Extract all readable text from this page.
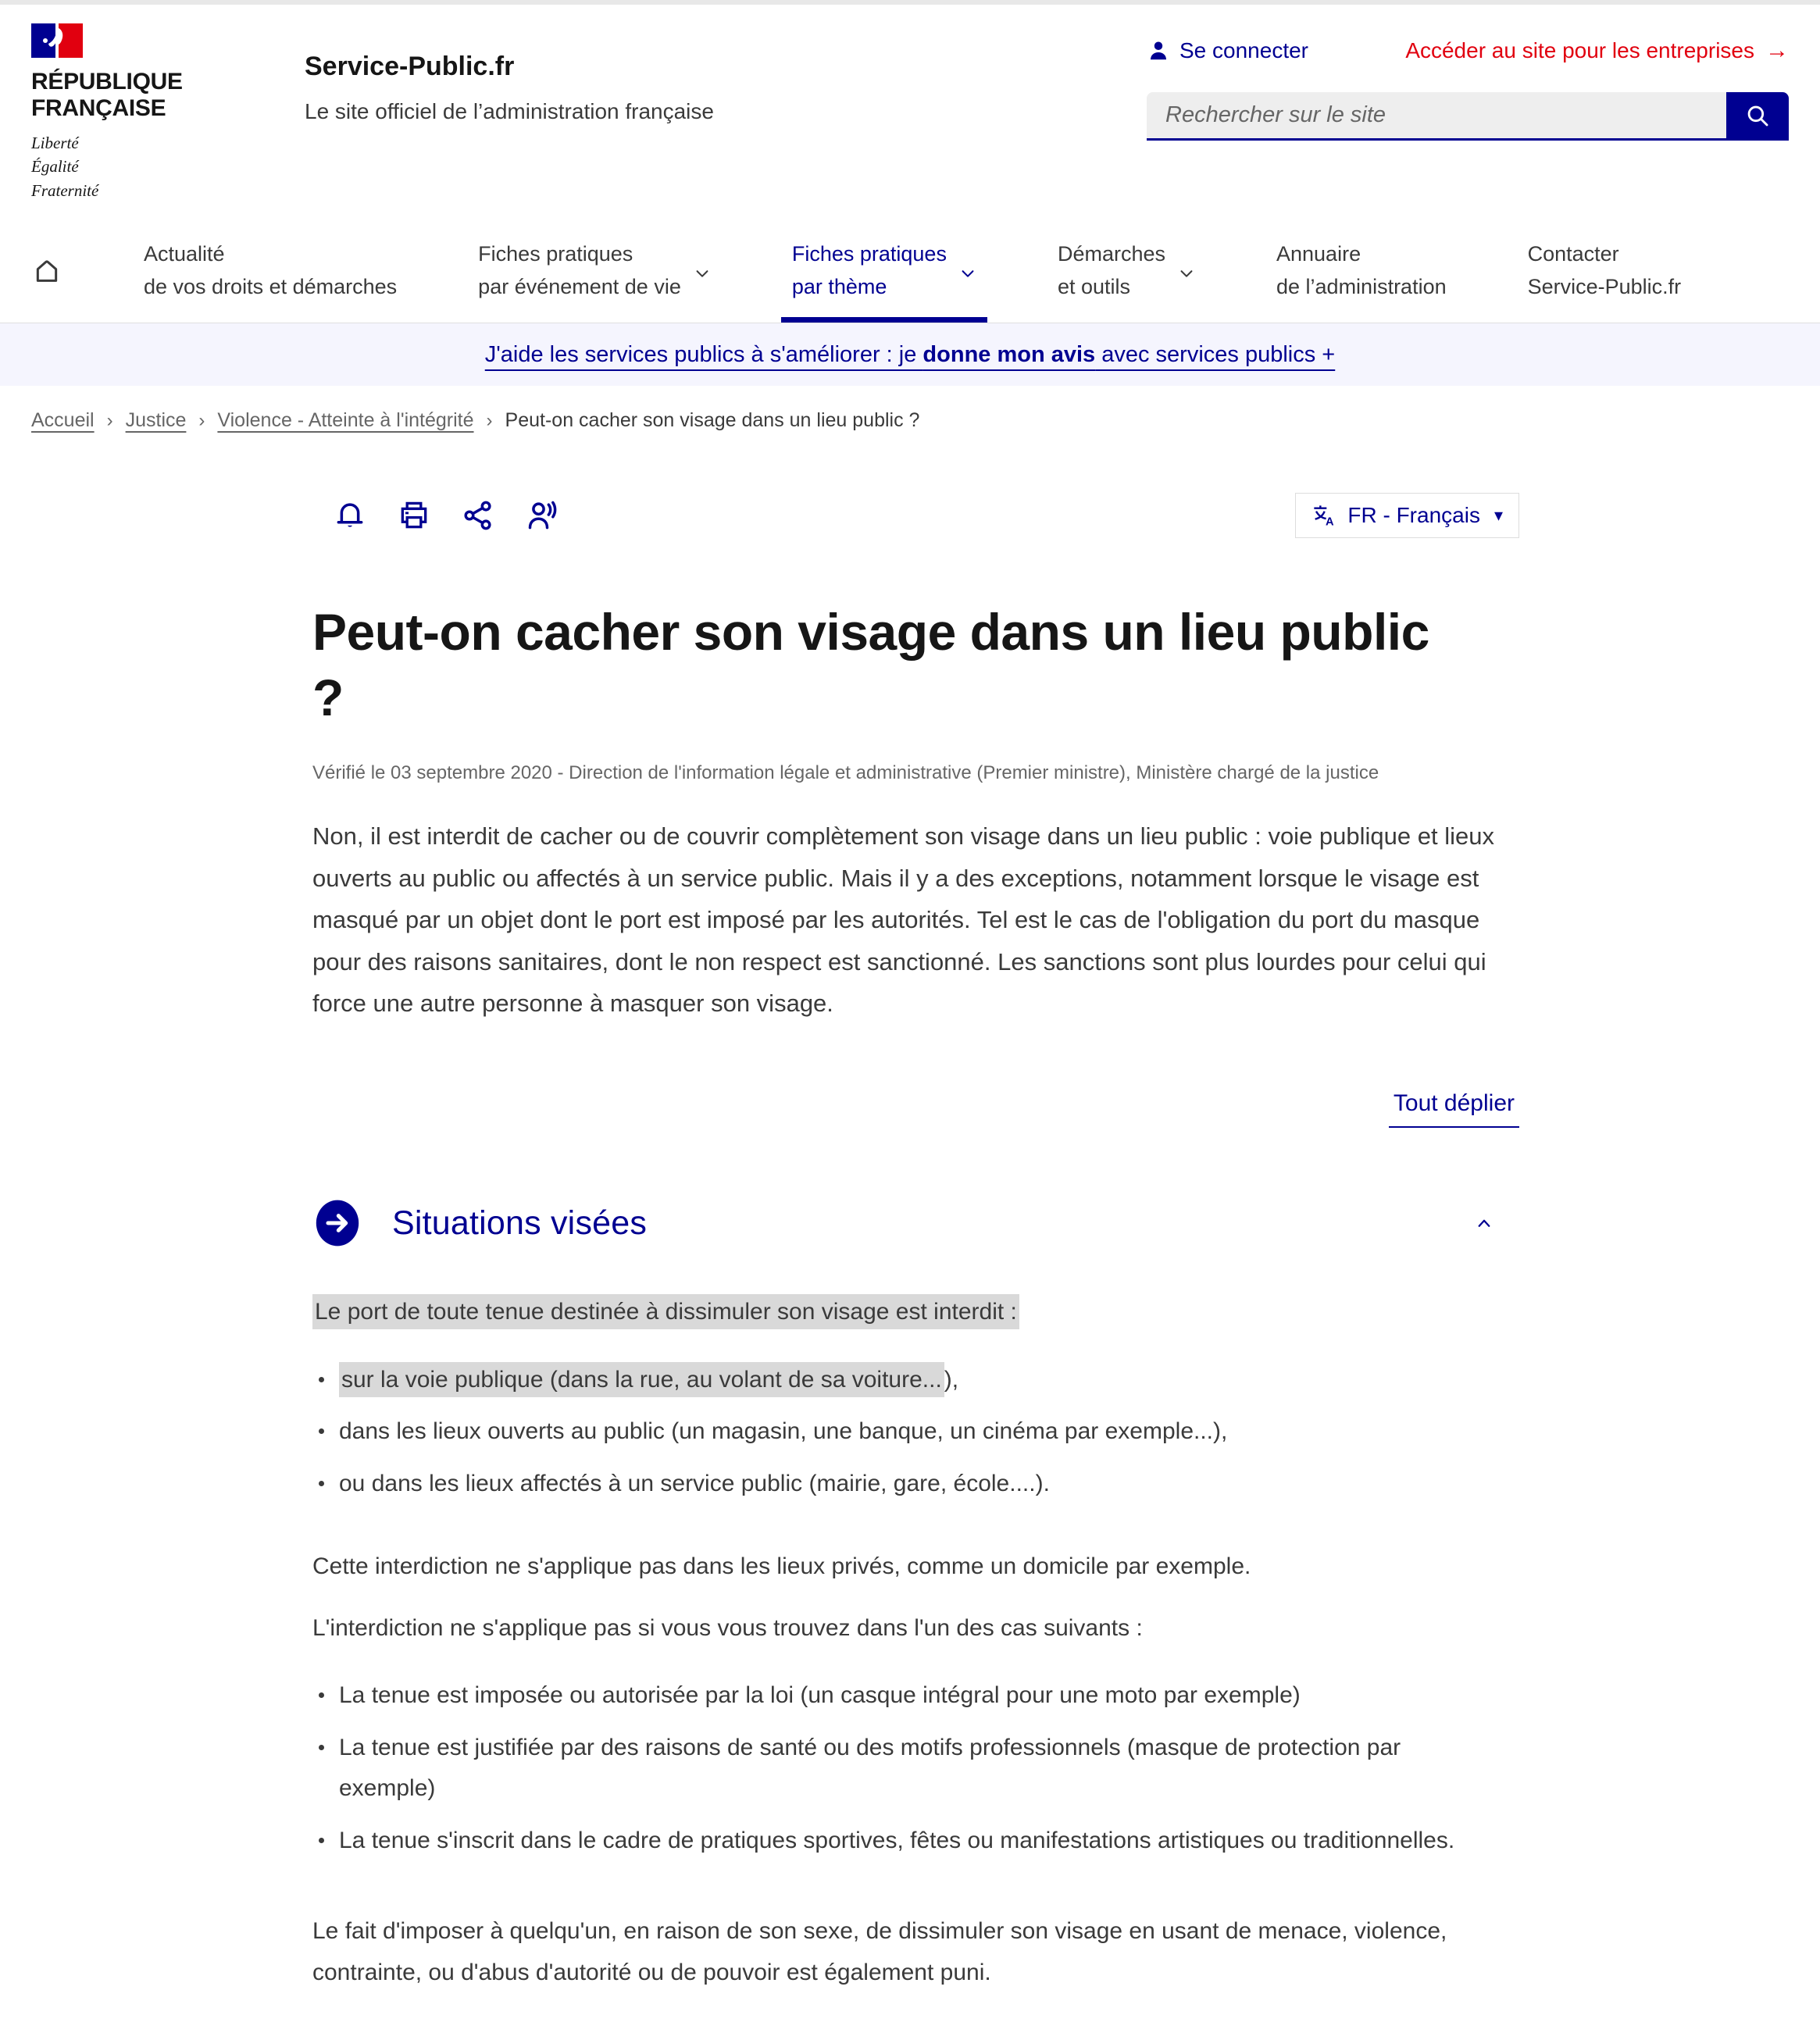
RÉPUBLIQUE
FRANÇAISE
Liberté
Égalité
Fraternité
Service-Public.fr
Le site officiel de l’administration française
Se connecter	Accéder au site pour les entreprises →
Rechercher sur le site
Actualité
de vos droits et démarches
Fiches pratiques
par événement de vie
Fiches pratiques
par thème
Démarches
et outils
Annuaire
de l’administration
Contacter
Service-Public.fr
J'aide les services publics à s'améliorer : je donne mon avis avec services publics +
Accueil › Justice › Violence - Atteinte à l'intégrité › Peut-on cacher son visage dans un lieu public ?
A FR - Français ▾
Peut-on cacher son visage dans un lieu public ?

Vérifié le 03 septembre 2020 - Direction de l'information légale et administrative (Premier ministre), Ministère chargé de la justice

Non, il est interdit de cacher ou de couvrir complètement son visage dans un lieu public : voie publique et lieux ouverts au public ou affectés à un service public. Mais il y a des exceptions, notamment lorsque le visage est masqué par un objet dont le port est imposé par les autorités. Tel est le cas de l'obligation du port du masque pour des raisons sanitaires, dont le non respect est sanctionné. Les sanctions sont plus lourdes pour celui qui force une autre personne à masquer son visage.

Tout déplier
Situations visées

Le port de toute tenue destinée à dissimuler son visage est interdit :

sur la voie publique (dans la rue, au volant de sa voiture... ),
dans les lieux ouverts au public (un magasin, une banque, un cinéma par exemple...),
ou dans les lieux affectés à un service public (mairie, gare, école....).

Cette interdiction ne s'applique pas dans les lieux privés, comme un domicile par exemple.

L'interdiction ne s'applique pas si vous vous trouvez dans l'un des cas suivants :

La tenue est imposée ou autorisée par la loi (un casque intégral pour une moto par exemple)
La tenue est justifiée par des raisons de santé ou des motifs professionnels (masque de protection par exemple)
La tenue s'inscrit dans le cadre de pratiques sportives, fêtes ou manifestations artistiques ou traditionnelles.

Le fait d'imposer à quelqu'un, en raison de son sexe, de dissimuler son visage en usant de menace, violence, contrainte, ou d'abus d'autorité ou de pouvoir est également puni.
